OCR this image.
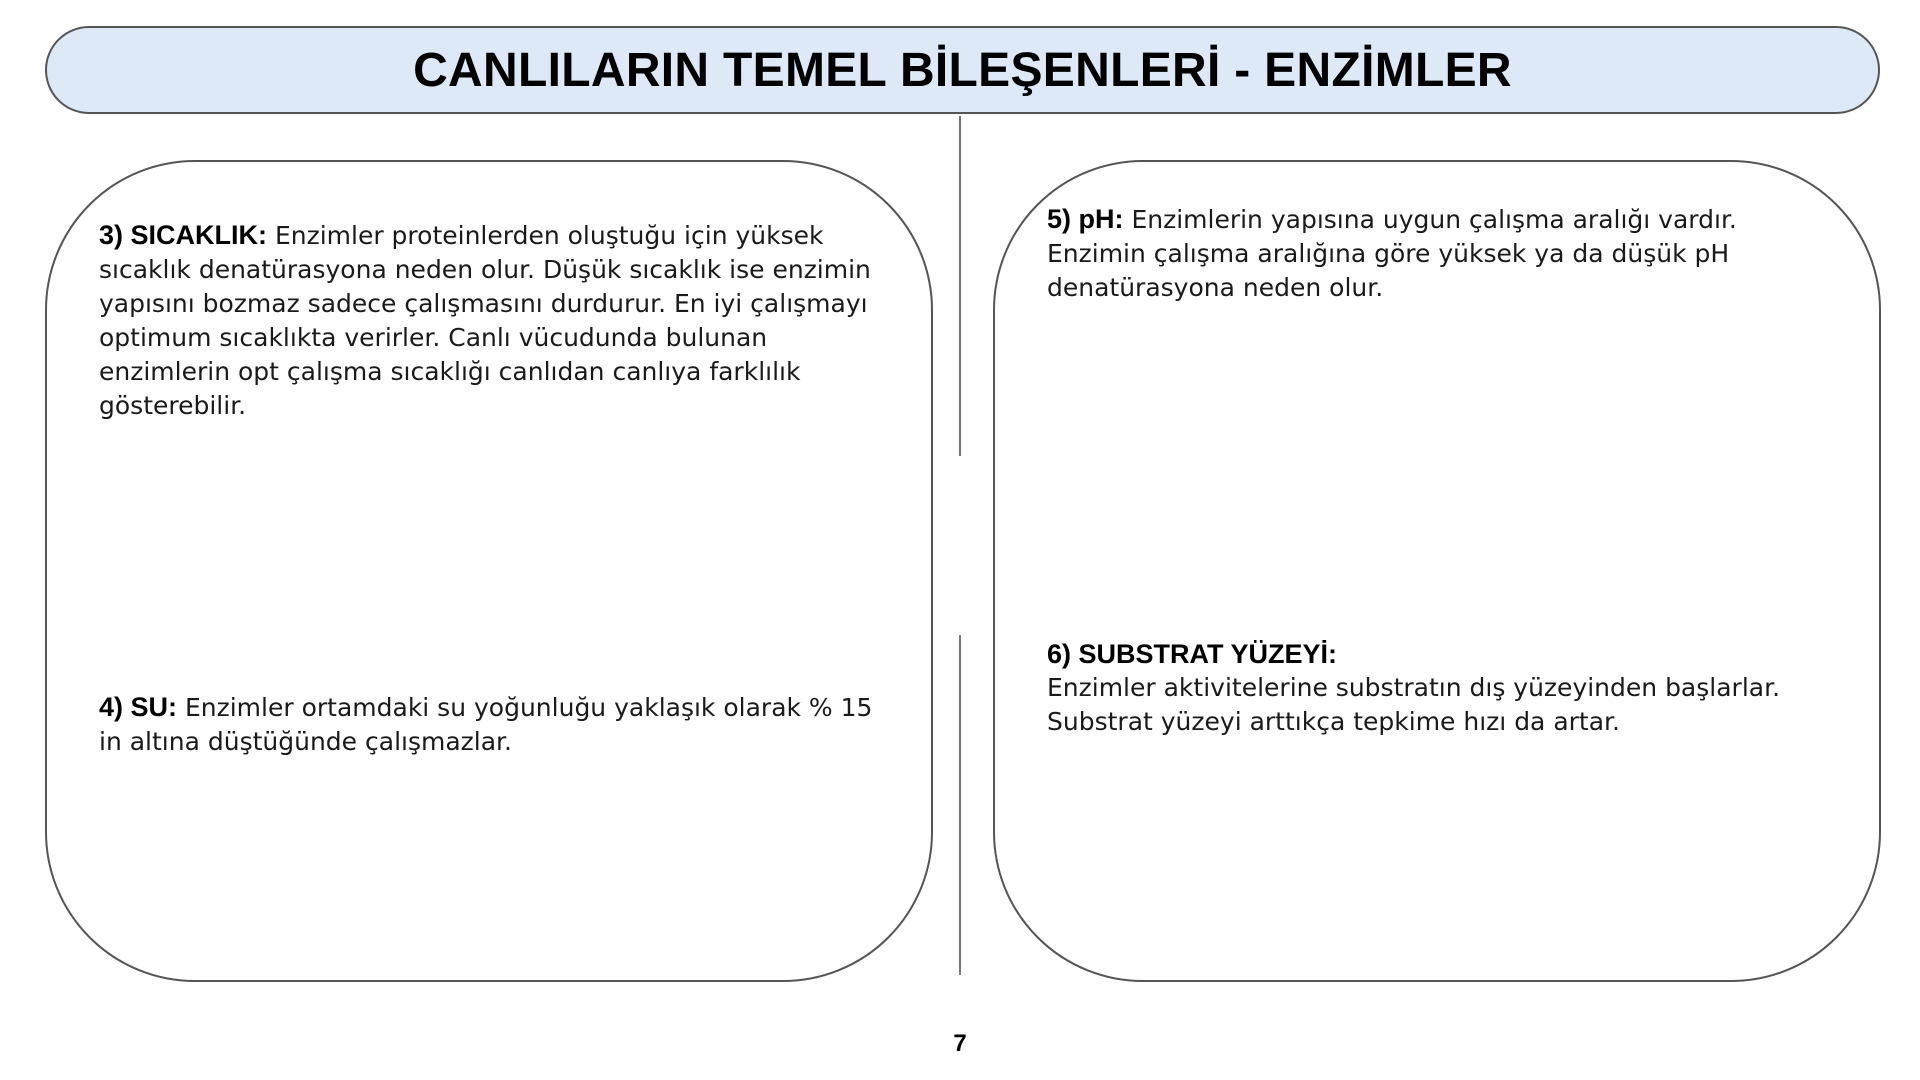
CANLILARIN TEMEL BİLEŞENLERİ - ENZİMLER
3) SICAKLIK: Enzimler proteinlerden oluştuğu için yüksek sıcaklık denatürasyona neden olur. Düşük sıcaklık ise enzimin yapısını bozmaz sadece çalışmasını durdurur. En iyi çalışmayı optimum sıcaklıkta verirler. Canlı vücudunda bulunan enzimlerin opt çalışma sıcaklığı canlıdan canlıya farklılık gösterebilir.
4) SU: Enzimler ortamdaki su yoğunluğu yaklaşık olarak % 15 in altına düştüğünde çalışmazlar.
5) pH: Enzimlerin yapısına uygun çalışma aralığı vardır. Enzimin çalışma aralığına göre yüksek ya da düşük pH denatürasyona neden olur.
6) SUBSTRAT YÜZEYİ:
Enzimler aktivitelerine substratın dış yüzeyinden başlarlar. Substrat yüzeyi arttıkça tepkime hızı da artar.
7
